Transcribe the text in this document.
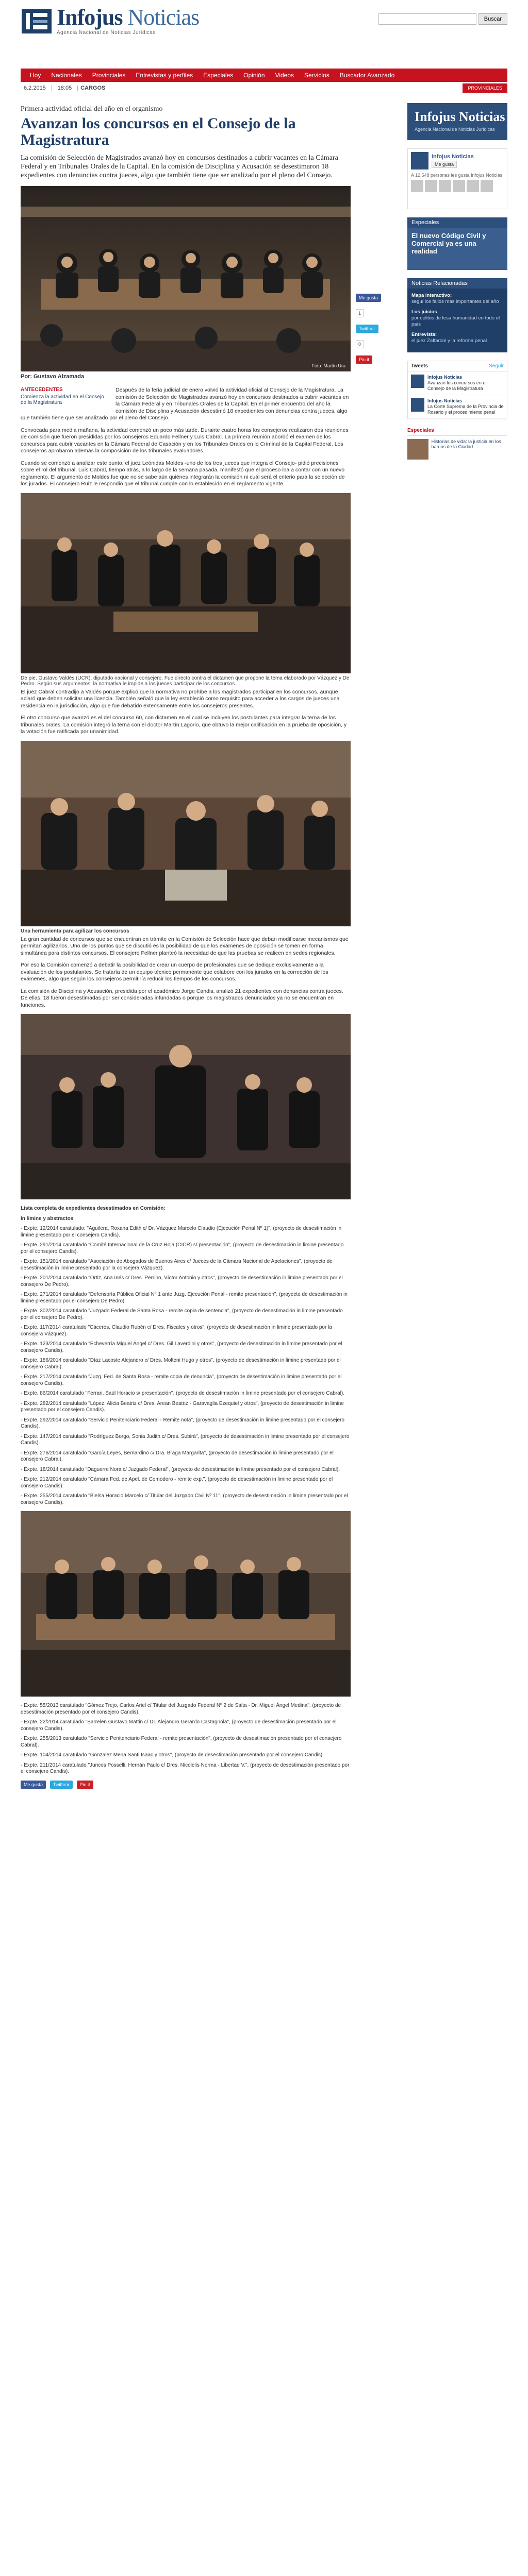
Infojus Noticias
Agencia Nacional de Noticias Jurídicas
Buscar
Hoy	Nacionales	Provinciales	Entrevistas y perfiles	Especiales	Opinión	Videos	Servicios	Buscador Avanzado
6.2.2015 | 18:05 | CARGOS	PROVINCIALES
Primera actividad oficial del año en el organismo
Avanzan los concursos en el Consejo de la Magistratura

La comisión de Selección de Magistrados avanzó hoy en concursos destinados a cubrir vacantes en la Cámara Federal y en Tribunales Orales de la Capital. En la comisión de Disciplina y Acusación se desestimaron 18 expedientes con denuncias contra jueces, algo que también tiene que ser analizado por el pleno del Consejo.

Foto: Martín Ura
Por: Gustavo Alzamada
ANTECEDENTES

Comienza la actividad en el Consejo de la Magistratura

Después de la feria judicial de enero volvió la actividad oficial al Consejo de la Magistratura. La comisión de Selección de Magistrados avanzó hoy en concursos destinados a cubrir vacantes en la Cámara Federal y en Tribunales Orales de la Capital. En el primer encuentro del año la comisión de Disciplina y Acusación desestimó 18 expedientes con denuncias contra jueces, algo que también tiene que ser analizado por el pleno del Consejo.

Convocada para media mañana, la actividad comenzó un poco más tarde. Durante cuatro horas los consejeros realizaron dos reuniones de comisión que fueron presididas por los consejeros Eduardo Fellner y Luis Cabral. La primera reunión abordó el examen de los concursos para cubrir vacantes en la Cámara Federal de Casación y en los Tribunales Orales en lo Criminal de la Capital Federal. Los consejeros aprobaron además la composición de los tribunales evaluadores.

Cuando se comenzó a analizar este punto, el juez Leónidas Moldes -uno de los tres jueces que integra el Consejo- pidió precisiones sobre el rol del tribunal. Luis Cabral, tiempo atrás, a lo largo de la semana pasada, manifestó que el proceso iba a contar con un nuevo reglamento. El argumento de Moldes fue que no se sabe aún quiénes integrarán la comisión ni cuál será el criterio para la selección de los jurados. El consejero Ruiz le respondió que el tribunal cumple con lo establecido en el reglamento vigente.

De pie, Gustavo Valdés (UCR), diputado nacional y consejero. Fue directo contra el dictamen que propone la tema elaborado por Vázquez y De Pedro. Según sus argumentos, la normativa le impide a los jueces participar de los concursos.

El juez Cabral contradijo a Valdés porque explicó que la normativa no prohíbe a los magistrados participar en los concursos, aunque aclaró que deben solicitar una licencia. También señaló que la ley estableció como requisito para acceder a los cargos de jueces una residencia en la jurisdicción, algo que fue debatido extensamente entre los consejeros presentes.

El otro concurso que avanzó es el del concurso 60, con dictamen en el cual se incluyen los postulantes para integrar la terna de los tribunales orales. La comisión integró la terna con el doctor Martín Lagorio, que obtuvo la mejor calificación en la prueba de oposición, y la votación fue ratificada por unanimidad.

Una herramienta para agilizar los concursos

La gran cantidad de concursos que se encuentran en trámite en la Comisión de Selección hace que deban modificarse mecanismos que permitan agilizarlos. Uno de los puntos que se discutió es la posibilidad de que los exámenes de oposición se tomen en forma simultánea para distintos concursos. El consejero Fellner planteó la necesidad de que las pruebas se realicen en sedes regionales.

Por eso la Comisión comenzó a debatir la posibilidad de crear un cuerpo de profesionales que se dedique exclusivamente a la evaluación de los postulantes. Se trataría de un equipo técnico permanente que colabore con los jurados en la corrección de los exámenes, algo que según los consejeros permitiría reducir los tiempos de los concursos.

La comisión de Disciplina y Acusación, presidida por el académico Jorge Candis, analizó 21 expedientes con denuncias contra jueces. De ellas, 18 fueron desestimadas por ser consideradas infundadas o porque los magistrados denunciados ya no se encuentran en funciones.

Lista completa de expedientes desestimados en Comisión:

In limine y abstractos

- Expte. 12/2014 caratulado: "Aguilera, Roxana Edith c/ Dr. Vázquez Marcelo Claudio (Ejecución Penal Nº 1)", (proyecto de desestimación in limine presentado por el consejero Candis).

- Expte. 291/2014 caratulado "Comité Internacional de la Cruz Roja (CICR) s/ presentación", (proyecto de desestimación in limine presentado por el consejero Candis).

- Expte. 151/2014 caratulado "Asociación de Abogados de Buenos Aires c/ Jueces de la Cámara Nacional de Apelaciones", (proyecto de desestimación in limine presentado por la consejera Vázquez).

- Expte. 201/2014 caratulado "Ortiz, Ana Inés c/ Dres. Perrino, Víctor Antonio y otros", (proyecto de desestimación in limine presentado por el consejero De Pedro).

- Expte. 271/2014 caratulado "Defensoría Pública Oficial Nº 1 ante Juzg. Ejecución Penal - remite presentación", (proyecto de desestimación in limine presentado por el consejero De Pedro).

- Expte. 302/2014 caratulado "Juzgado Federal de Santa Rosa - remite copia de sentencia", (proyecto de desestimación in limine presentado por el consejero De Pedro).

- Expte. 117/2014 caratulado "Cáceres, Claudio Rubén c/ Dres. Fiscales y otros", (proyecto de desestimación in limine presentado por la consejera Vázquez).

- Expte. 123/2014 caratulado "Echeverría Miguel Ángel c/ Dres. Gil Laverdini y otros", (proyecto de desestimación in limine presentado por el consejero Candis).

- Expte. 186/2014 caratulado "Díaz Lacoste Alejandro c/ Dres. Molteni Hugo y otros", (proyecto de desestimación in limine presentado por el consejero Cabral).

- Expte. 217/2014 caratulado "Juzg. Fed. de Santa Rosa - remite copia de denuncia", (proyecto de desestimación in limine presentado por el consejero Candis).

- Expte. 86/2014 caratulado "Ferrari, Saúl Horacio s/ presentación", (proyecto de desestimación in limine presentado por el consejero Cabral).

- Expte. 282/2014 caratulado "López, Alicia Beatriz c/ Dres. Arean Beatriz - Garavaglia Ezequiel y otros", (proyecto de desestimación in limine presentado por el consejero Candis).

- Expte. 292/2014 caratulado "Servicio Penitenciario Federal - Remite nota", (proyecto de desestimación in limine presentado por el consejero Candis).

- Expte. 147/2014 caratulado "Rodríguez Borgo, Sonia Judith c/ Dres. Subirá", (proyecto de desestimación in limine presentado por el consejero Candis).

- Expte. 276/2014 caratulado "García Leyes, Bernardino c/ Dra. Braga Margarita", (proyecto de desestimación in limine presentado por el consejero Cabral).

- Expte. 18/2014 caratulado "Daguerre Nora c/ Juzgado Federal", (proyecto de desestimación in limine presentado por el consejero Cabral).

- Expte. 212/2014 caratulado "Cámara Fed. de Apel. de Comodoro - remite exp.", (proyecto de desestimación in limine presentado por el consejero Candis).

- Expte. 255/2014 caratulado "Bielsa Horacio Marcelo c/ Titular del Juzgado Civil Nº 11", (proyecto de desestimación in limine presentado por el consejero Candis).

- Expte. 55/2013 caratulado "Gómez Trejo, Carlos Ariel c/ Titular del Juzgado Federal Nº 2 de Salta - Dr. Miguel Ángel Medina", (proyecto de desestimación presentado por el consejero Candis).

- Expte. 22/2014 caratulado "Barrelen Gustavo Mattin c/ Dr. Alejandro Gerardo Castagnola", (proyecto de desestimación presentado por el consejero Candis).

- Expte. 255/2013 caratulado "Servicio Penitenciario Federal - remite presentación", (proyecto de desestimación presentado por el consejero Cabral).

- Expte. 104/2014 caratulado "Gonzalez Mena Santi Isaac y otros", (proyecto de desestimación presentado por el consejero Candis).

- Expte. 211/2014 caratulado "Juncos Posselli, Hernán Paulo c/ Dres. Nicolelis Norma - Libertad V.", (proyecto de desestimación presentado por el consejero Candis).

Me gusta	Twittear	Pin it
Me gusta
1
Twittear
0
Pin it
Infojus Noticias
Agencia Nacional de Noticias Jurídicas
Infojus Noticias
Me gusta
A 12.548 personas les gusta Infojus Noticias
Especiales
El nuevo Código Civil y Comercial ya es una realidad
Noticias Relacionadas
Mapa interactivo:
seguí los fallos más importantes del año
Los juicios
por delitos de lesa humanidad en todo el país
Entrevista:
el juez Zaffaroni y la reforma penal
Tweets	Seguir
Infojus Noticias
Avanzan los concursos en el Consejo de la Magistratura
Infojus Noticias
La Corte Suprema de la Provincia de Rosario y el procedimiento penal
Especiales

Historias de vida: la justicia en los barrios de la Ciudad
